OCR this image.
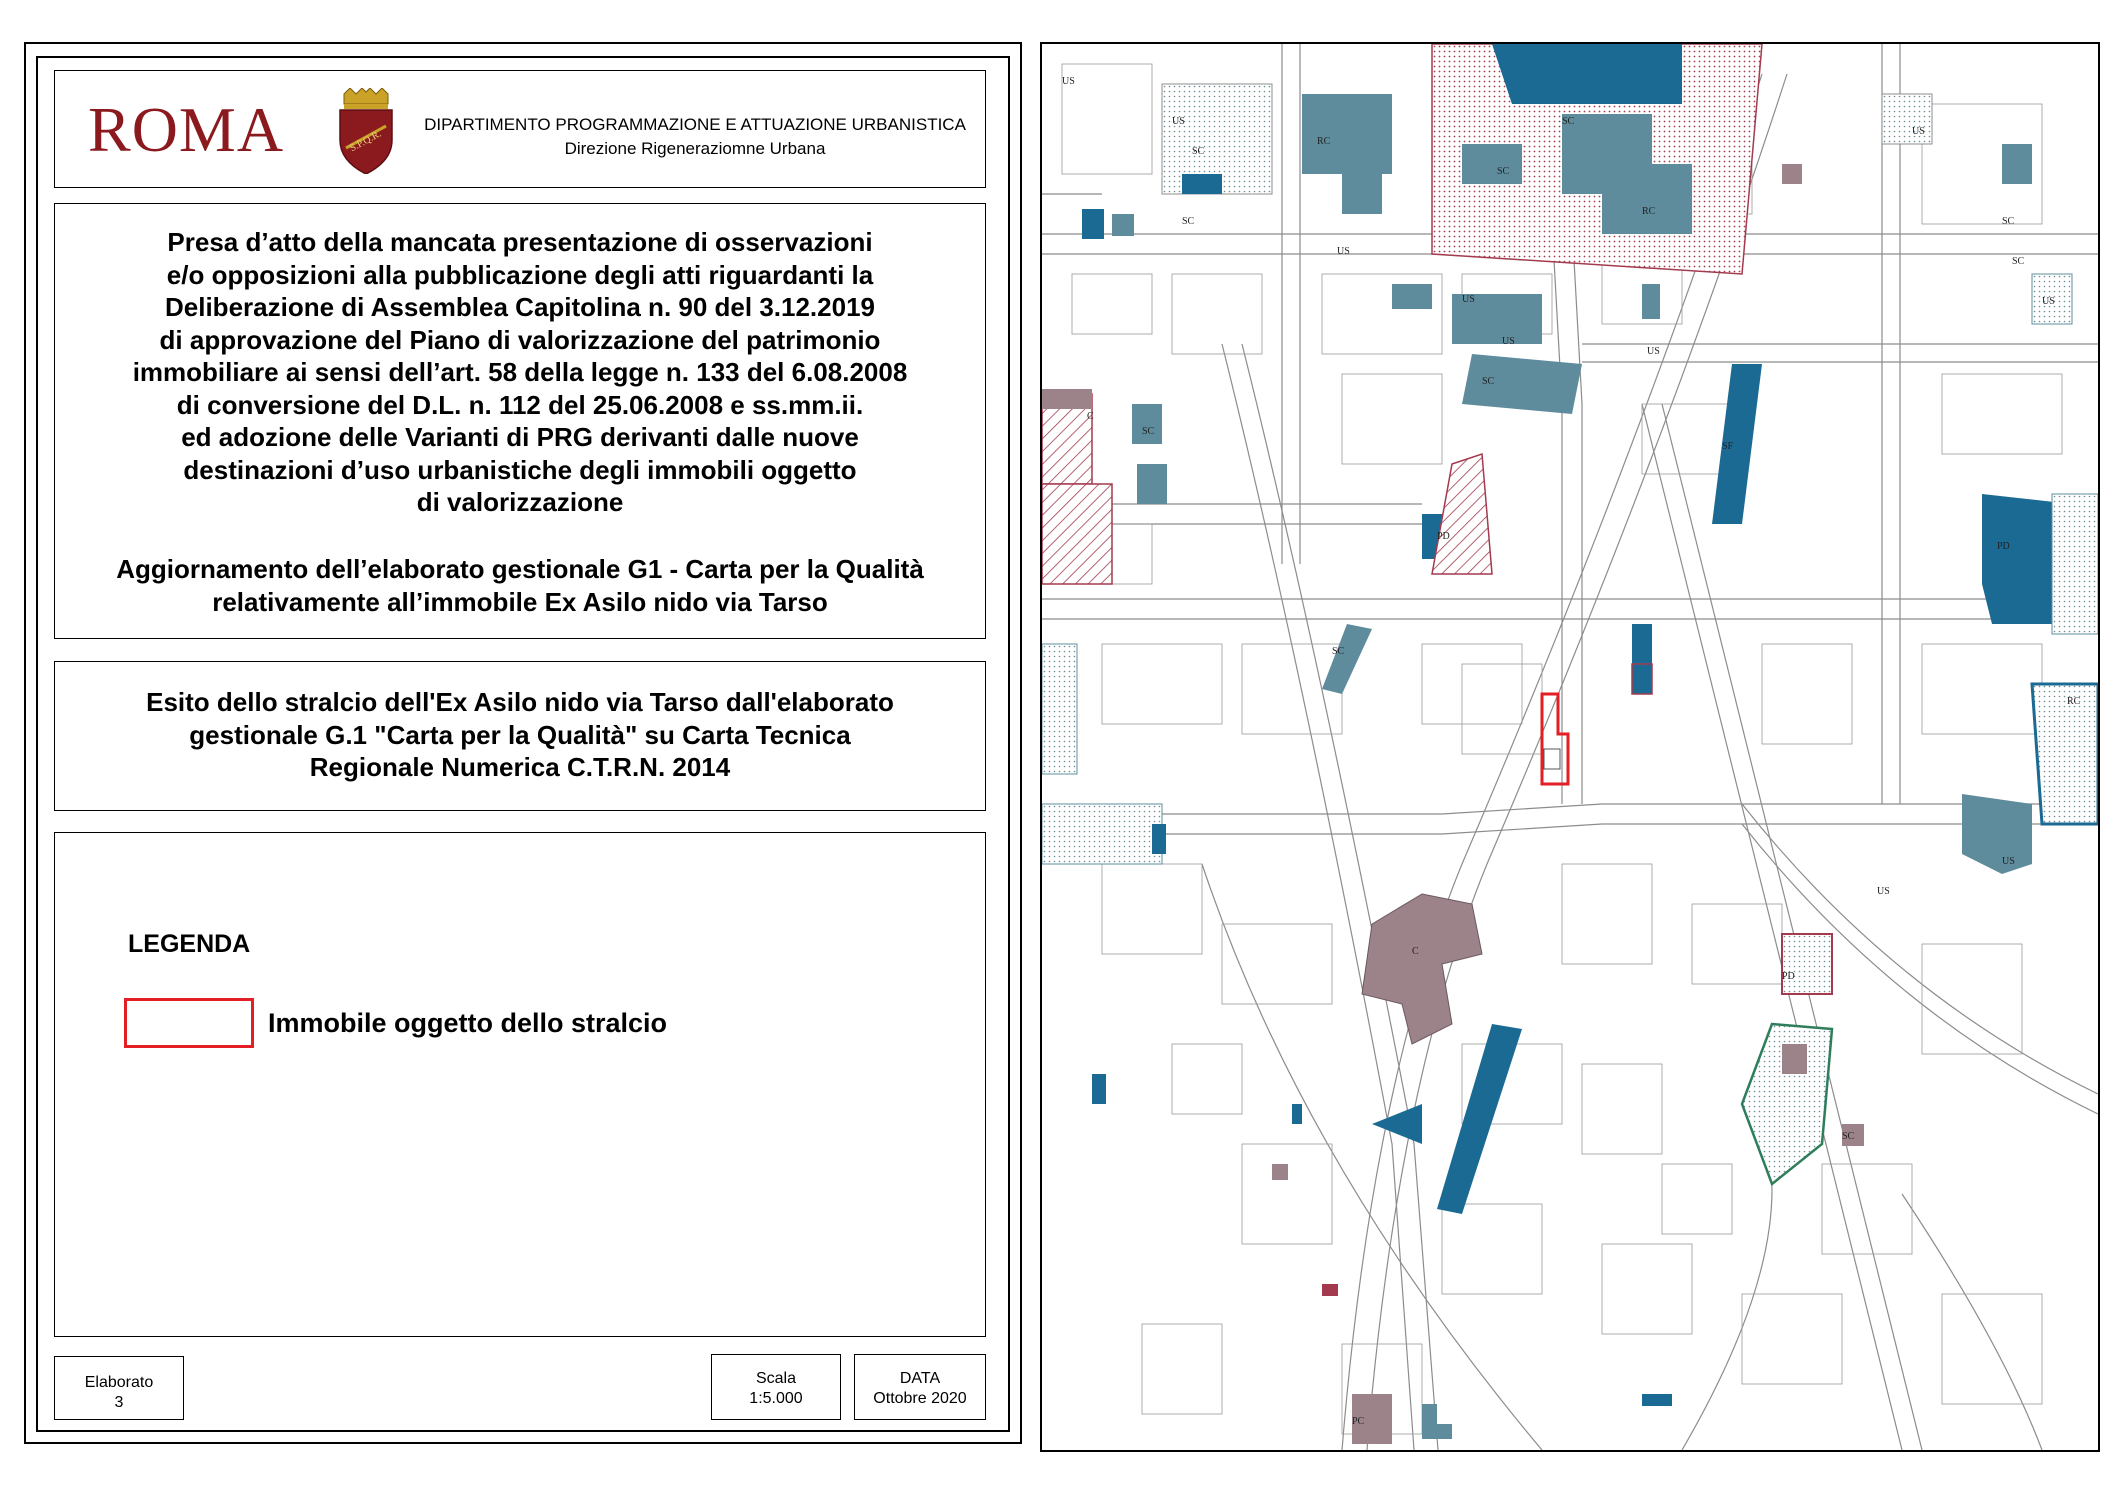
ROMA	S.P.Q.R.
DIPARTIMENTO PROGRAMMAZIONE E ATTUAZIONE URBANISTICA
Direzione Rigeneraziomne Urbana
Presa d’atto della mancata presentazione di osservazioni
e/o opposizioni alla pubblicazione degli atti riguardanti la
Deliberazione di Assemblea Capitolina n. 90 del 3.12.2019
di approvazione del Piano di valorizzazione del patrimonio
immobiliare ai sensi dell’art. 58 della legge n. 133 del 6.08.2008
di conversione del D.L. n. 112 del 25.06.2008 e ss.mm.ii.
ed adozione delle Varianti di PRG derivanti dalle nuove
destinazioni d’uso urbanistiche degli immobili oggetto
di valorizzazione
Aggiornamento dell’elaborato gestionale G1 - Carta per la Qualità
relativamente all’immobile Ex Asilo nido via Tarso
Esito dello stralcio dell'Ex Asilo nido via Tarso dall'elaborato
gestionale G.1 "Carta per la Qualità" su Carta Tecnica
Regionale Numerica C.T.R.N. 2014
LEGENDA
Immobile oggetto dello stralcio
Elaborato
3
Scala
1:5.000
DATA
Ottobre 2020
SC
RC
US
US
SC
SC
SC
US
SC
SC
RC
SC
SC
PD
US
SF
C
PD
US
US
US
RC
SC
US
US
US
C
PC
PD
SC
